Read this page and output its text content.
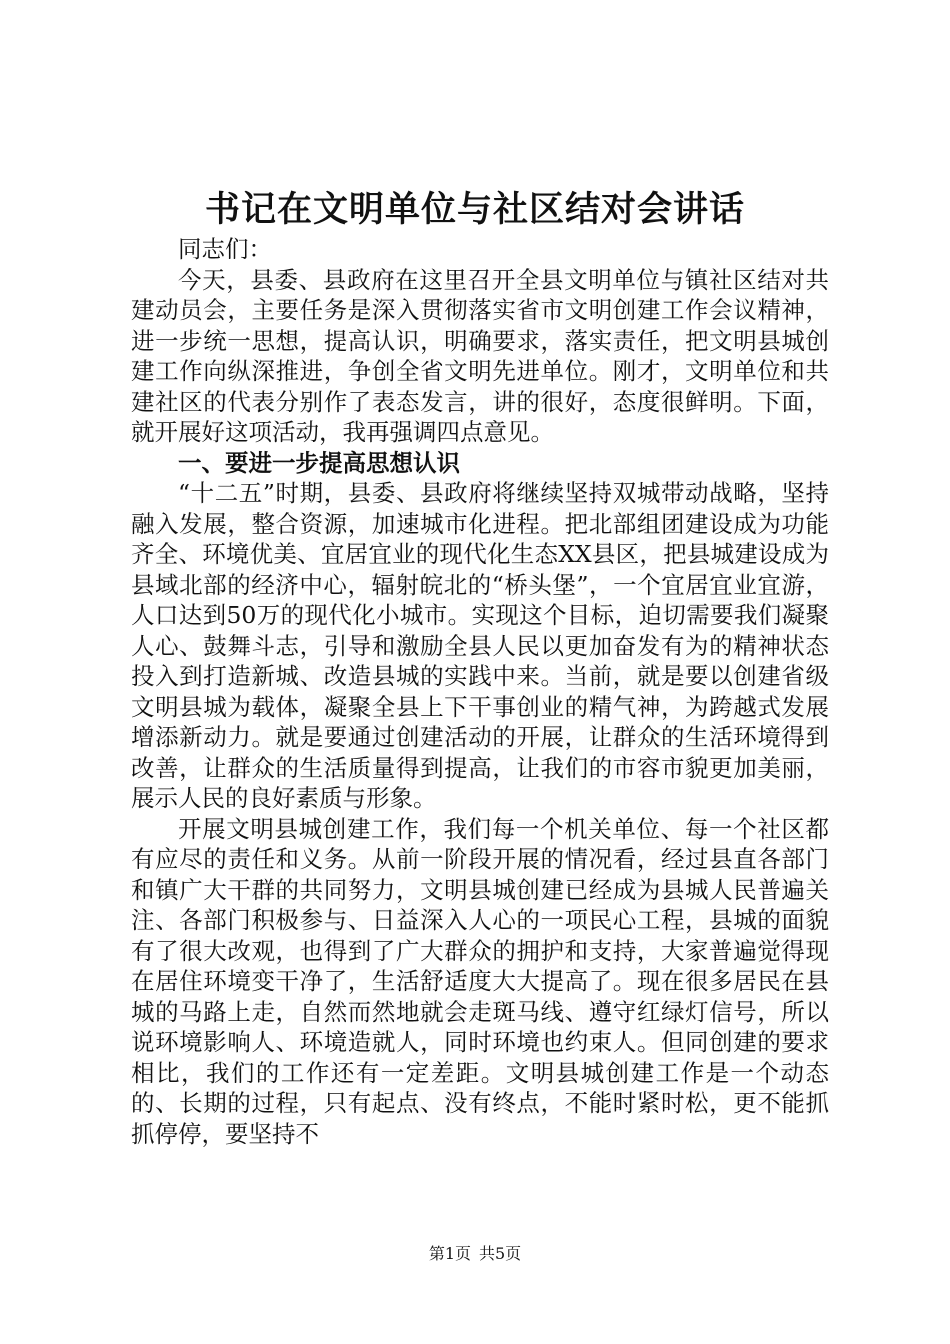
书记在文明单位与社区结对会讲话

同志们：

今天，县委、县政府在这里召开全县文明单位与镇社区结对共建动员会，主要任务是深入贯彻落实省市文明创建工作会议精神，进一步统一思想，提高认识，明确要求，落实责任，把文明县城创建工作向纵深推进，争创全省文明先进单位。刚才，文明单位和共建社区的代表分别作了表态发言，讲的很好，态度很鲜明。下面，就开展好这项活动，我再强调四点意见。

一、要进一步提高思想认识

“十二五”时期，县委、县政府将继续坚持双城带动战略，坚持融入发展，整合资源，加速城市化进程。把北部组团建设成为功能齐全、环境优美、宜居宜业的现代化生态XX县区，把县城建设成为县域北部的经济中心，辐射皖北的“桥头堡”，一个宜居宜业宜游，人口达到50万的现代化小城市。实现这个目标，迫切需要我们凝聚人心、鼓舞斗志，引导和激励全县人民以更加奋发有为的精神状态投入到打造新城、改造县城的实践中来。当前，就是要以创建省级文明县城为载体，凝聚全县上下干事创业的精气神，为跨越式发展增添新动力。就是要通过创建活动的开展，让群众的生活环境得到改善，让群众的生活质量得到提高，让我们的市容市貌更加美丽，展示人民的良好素质与形象。

开展文明县城创建工作，我们每一个机关单位、每一个社区都有应尽的责任和义务。从前一阶段开展的情况看，经过县直各部门和镇广大干群的共同努力，文明县城创建已经成为县城人民普遍关注、各部门积极参与、日益深入人心的一项民心工程，县城的面貌有了很大改观，也得到了广大群众的拥护和支持，大家普遍觉得现在居住环境变干净了，生活舒适度大大提高了。现在很多居民在县城的马路上走，自然而然地就会走斑马线、遵守红绿灯信号，所以说环境影响人、环境造就人，同时环境也约束人。但同创建的要求相比，我们的工作还有一定差距。文明县城创建工作是一个动态的、长期的过程，只有起点、没有终点，不能时紧时松，更不能抓抓停停，要坚持不

第1页 共5页
